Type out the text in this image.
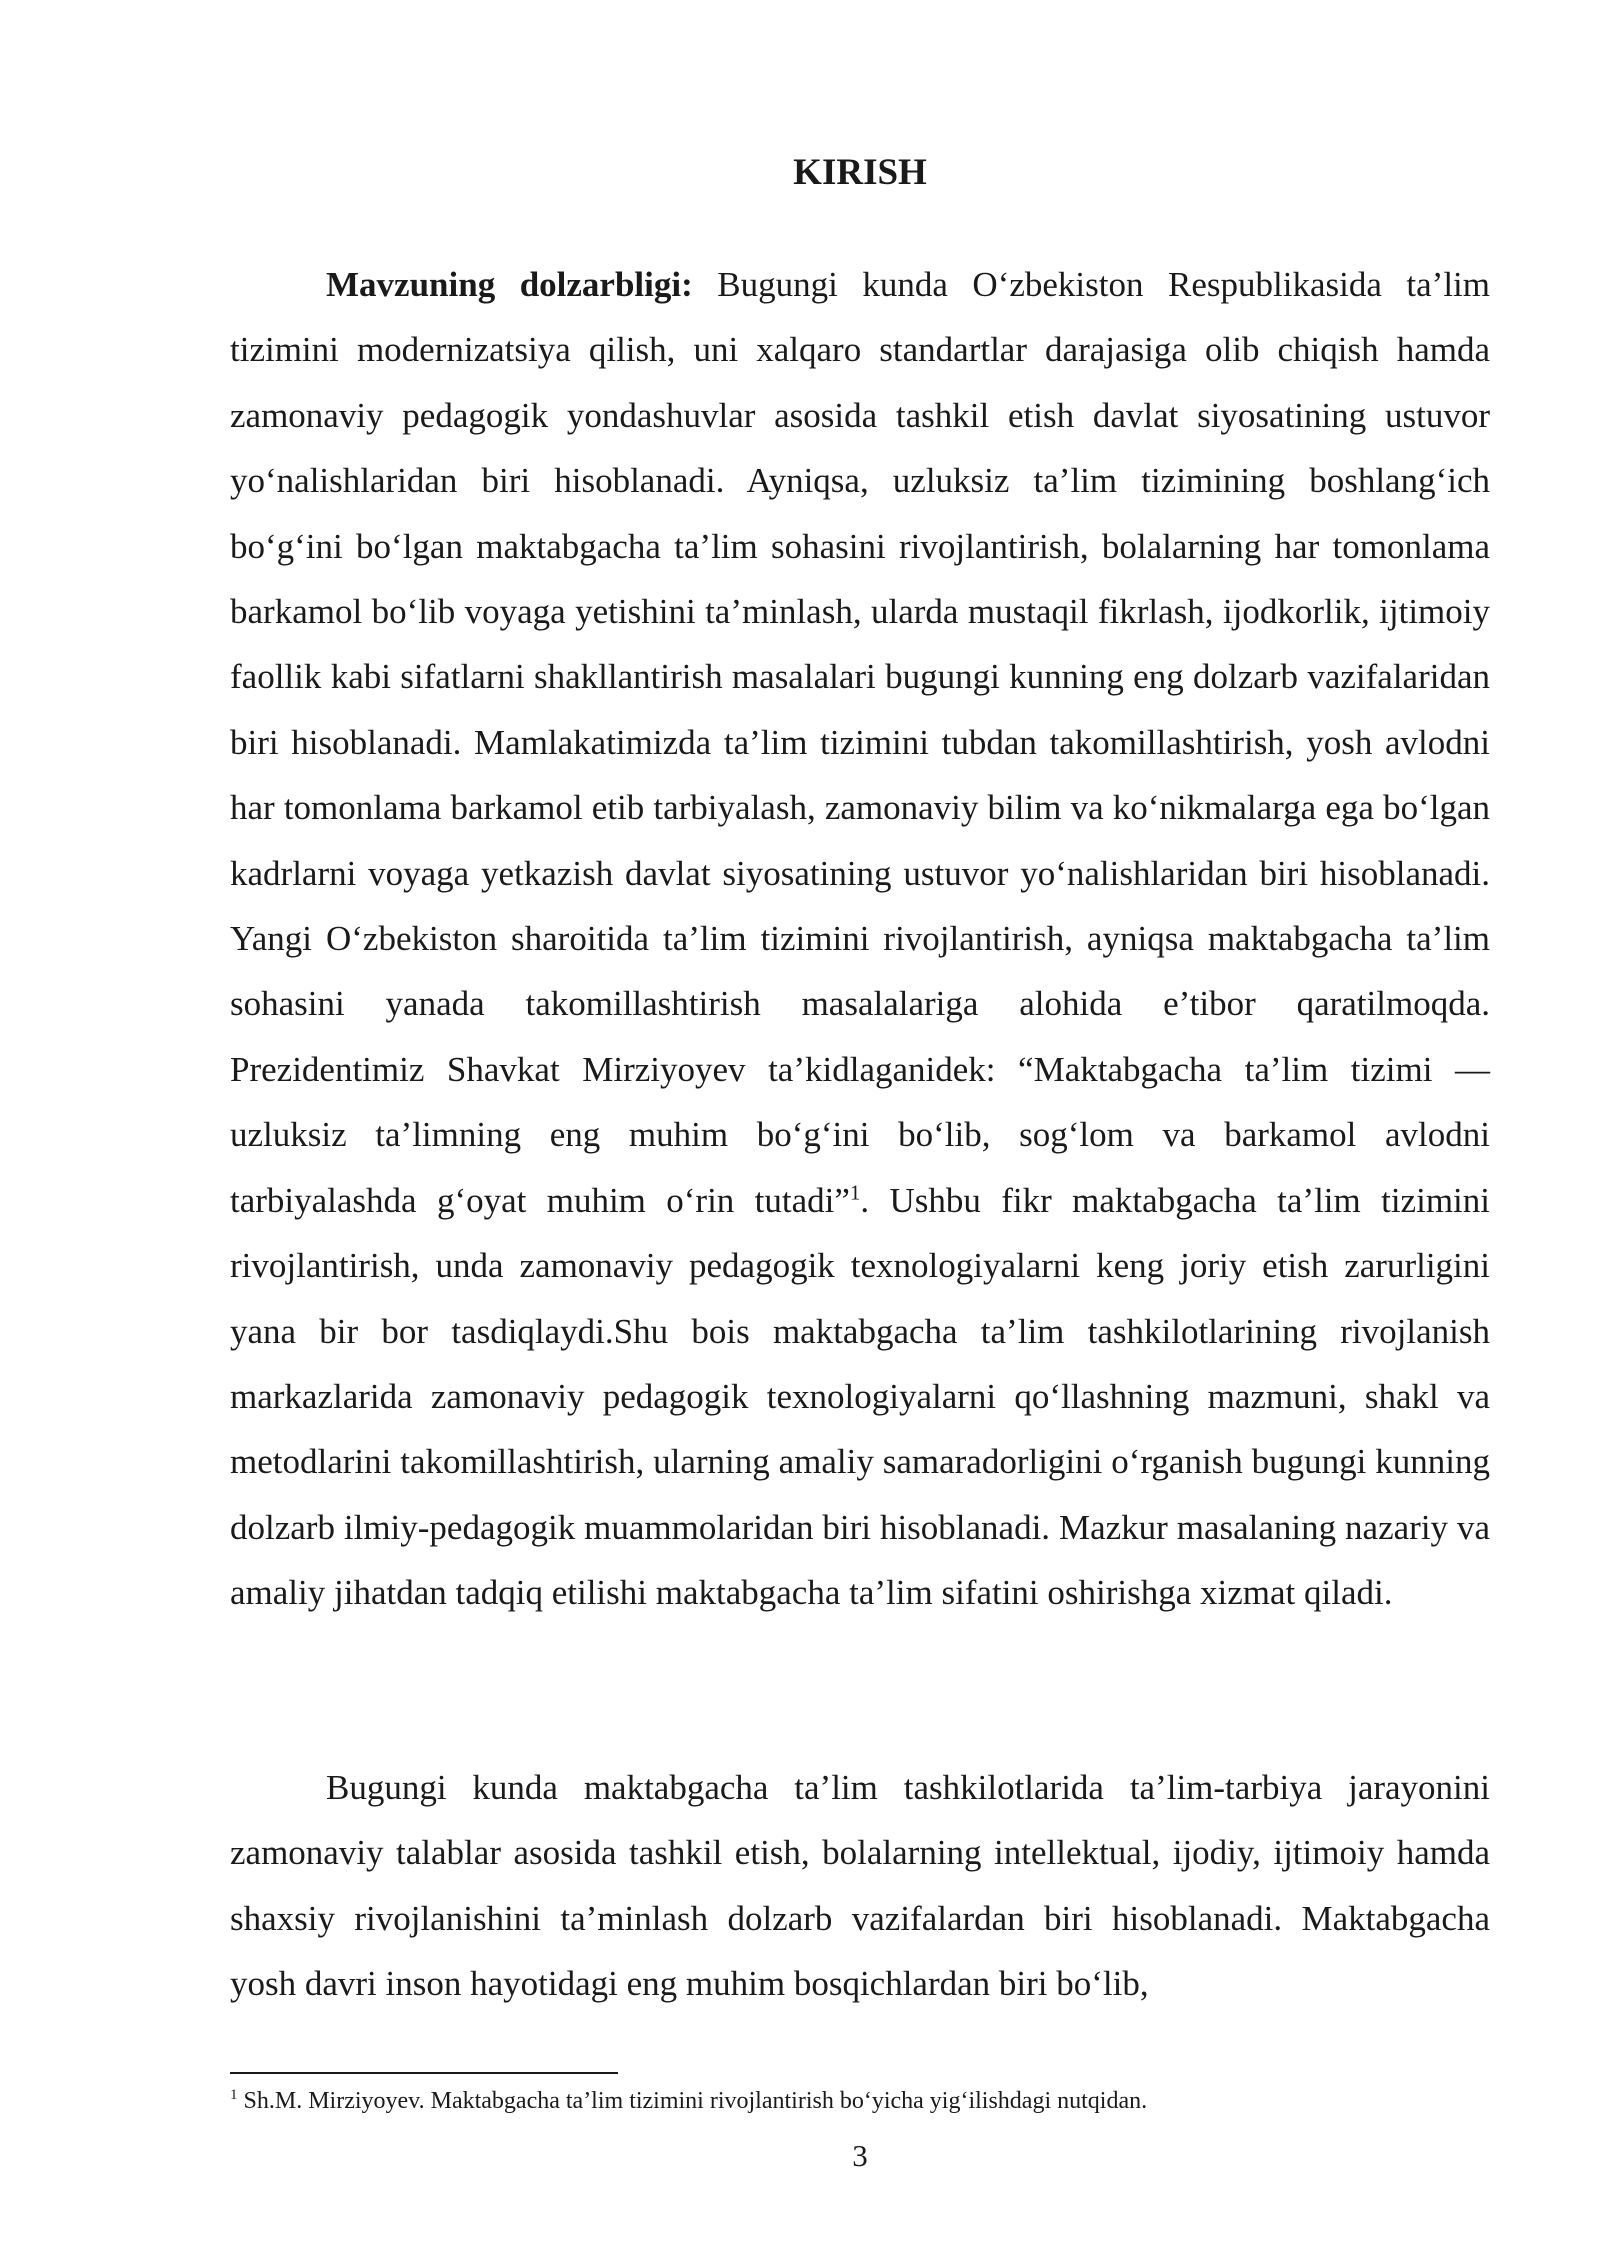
KIRISH

Mavzuning dolzarbligi: Bugungi kunda O‘zbekiston Respublikasida ta’lim tizimini modernizatsiya qilish, uni xalqaro standartlar darajasiga olib chiqish hamda zamonaviy pedagogik yondashuvlar asosida tashkil etish davlat siyosatining ustuvor yo‘nalishlaridan biri hisoblanadi. Ayniqsa, uzluksiz ta’lim tizimining boshlang‘ich bo‘g‘ini bo‘lgan maktabgacha ta’lim sohasini rivojlantirish, bolalarning har tomonlama barkamol bo‘lib voyaga yetishini ta’minlash, ularda mustaqil fikrlash, ijodkorlik, ijtimoiy faollik kabi sifatlarni shakllantirish masalalari bugungi kunning eng dolzarb vazifalaridan biri hisoblanadi. Mamlakatimizda ta’lim tizimini tubdan takomillashtirish, yosh avlodni har tomonlama barkamol etib tarbiyalash, zamonaviy bilim va ko‘nikmalarga ega bo‘lgan kadrlarni voyaga yetkazish davlat siyosatining ustuvor yo‘nalishlaridan biri hisoblanadi. Yangi O‘zbekiston sharoitida ta’lim tizimini rivojlantirish, ayniqsa maktabgacha ta’lim sohasini yanada takomillashtirish masalalariga alohida e’tibor qaratilmoqda. Prezidentimiz Shavkat Mirziyoyev ta’kidlaganidek: “Maktabgacha ta’lim tizimi — uzluksiz ta’limning eng muhim bo‘g‘ini bo‘lib, sog‘lom va barkamol avlodni tarbiyalashda g‘oyat muhim o‘rin tutadi”$^1$. Ushbu fikr maktabgacha ta’lim tizimini rivojlantirish, unda zamonaviy pedagogik texnologiyalarni keng joriy etish zarurligini yana bir bor tasdiqlaydi.Shu bois maktabgacha ta’lim tashkilotlarining rivojlanish markazlarida zamonaviy pedagogik texnologiyalarni qo‘llashning mazmuni, shakl va metodlarini takomillashtirish, ularning amaliy samaradorligini o‘rganish bugungi kunning dolzarb ilmiy-pedagogik muammolaridan biri hisoblanadi. Mazkur masalaning nazariy va amaliy jihatdan tadqiq etilishi maktabgacha ta’lim sifatini oshirishga xizmat qiladi.

Bugungi kunda maktabgacha ta’lim tashkilotlarida ta’lim-tarbiya jarayonini zamonaviy talablar asosida tashkil etish, bolalarning intellektual, ijodiy, ijtimoiy hamda shaxsiy rivojlanishini ta’minlash dolzarb vazifalardan biri hisoblanadi. Maktabgacha yosh davri inson hayotidagi eng muhim bosqichlardan biri bo‘lib,

$^1$ Sh.M. Mirziyoyev. Maktabgacha ta’lim tizimini rivojlantirish bo‘yicha yig‘ilishdagi nutqidan.
3
